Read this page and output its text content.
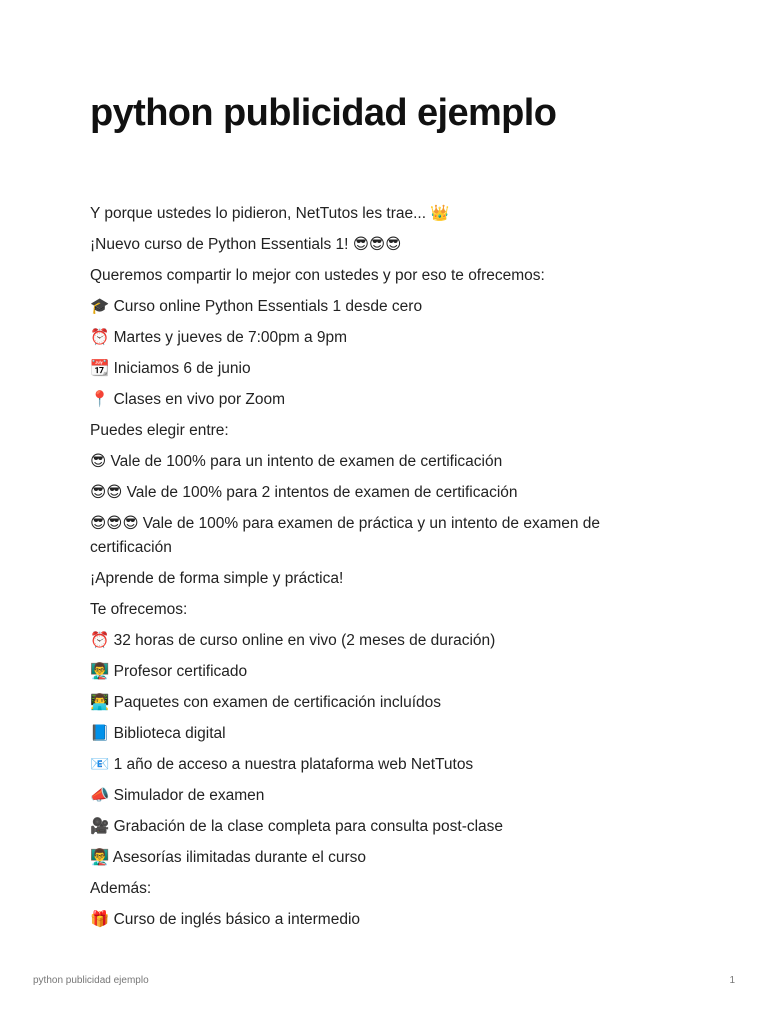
python publicidad ejemplo

Y porque ustedes lo pidieron, NetTutos les trae... 👑

¡Nuevo curso de Python Essentials 1! 😎😎😎

Queremos compartir lo mejor con ustedes y por eso te ofrecemos:

🎓 Curso online Python Essentials 1 desde cero

⏰ Martes y jueves de 7:00pm a 9pm

📆 Iniciamos 6 de junio

📍 Clases en vivo por Zoom

Puedes elegir entre:

😎 Vale de 100% para un intento de examen de certificación

😎😎 Vale de 100% para 2 intentos de examen de certificación

😎😎😎 Vale de 100% para examen de práctica y un intento de examen de certificación

¡Aprende de forma simple y práctica!

Te ofrecemos:

⏰ 32 horas de curso online en vivo (2 meses de duración)

👨‍🏫 Profesor certificado

👨‍💻 Paquetes con examen de certificación incluídos

📘 Biblioteca digital

📧 1 año de acceso a nuestra plataforma web NetTutos

📣 Simulador de examen

🎥 Grabación de la clase completa para consulta post-clase

👨‍🏫 Asesorías ilimitadas durante el curso

Además:

🎁 Curso de inglés básico a intermedio

python publicidad ejemplo	1
